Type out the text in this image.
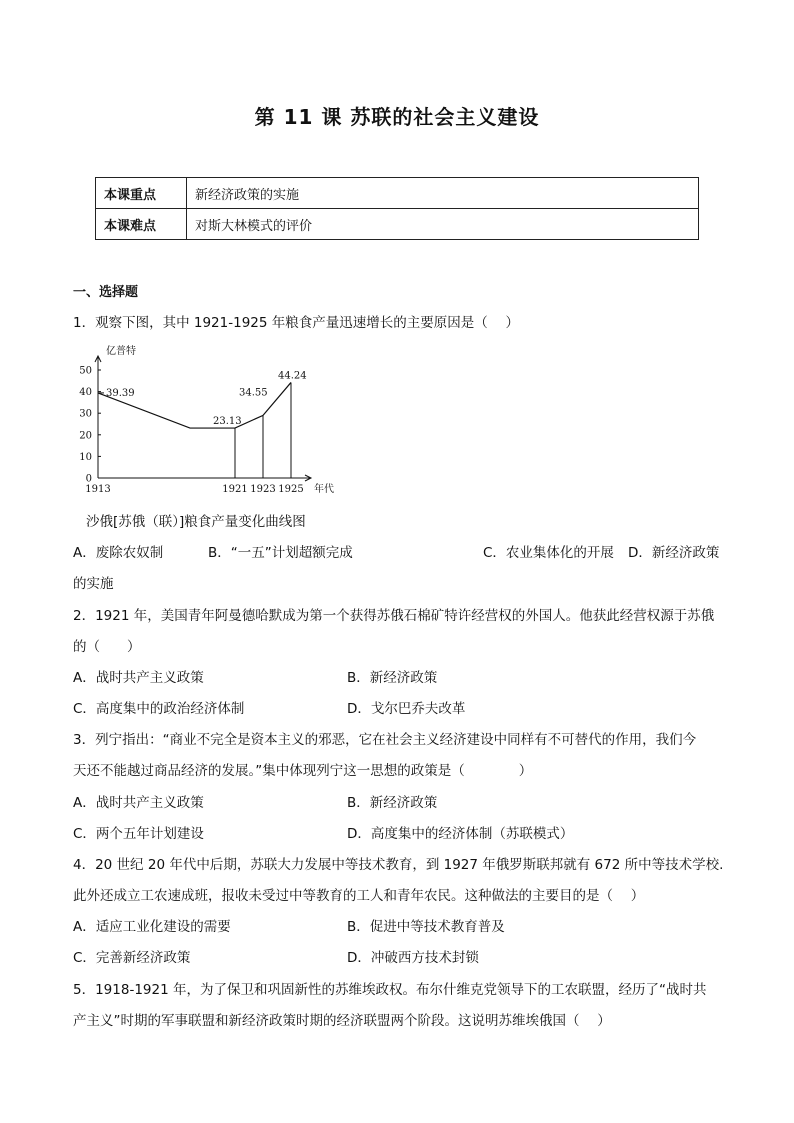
第 11 课 苏联的社会主义建设
本课重点	新经济政策的实施
本课难点	对斯大林模式的评价
一、选择题
1．观察下图，其中 1921-1925 年粮食产量迅速增长的主要原因是（　 ）
0
10
20
30
40
50
亿普特
年代
1913	1921 1923 1925
39.39
23.13
34.55
44.24
沙俄[苏俄（联）]粮食产量变化曲线图
A．废除农奴制	B．“一五”计划超额完成	C．农业集体化的开展 D．新经济政策
的实施
2．1921 年，美国青年阿曼德哈默成为第一个获得苏俄石棉矿特许经营权的外国人。他获此经营权源于苏俄
的（　　）
A．战时共产主义政策	B．新经济政策
C．高度集中的政治经济体制	D．戈尔巴乔夫改革
3．列宁指出：“商业不完全是资本主义的邪恶，它在社会主义经济建设中同样有不可替代的作用，我们今
天还不能越过商品经济的发展。”集中体现列宁这一思想的政策是（　　　　）
A．战时共产主义政策	B．新经济政策
C．两个五年计划建设	D．高度集中的经济体制（苏联模式）
4．20 世纪 20 年代中后期，苏联大力发展中等技术教育，到 1927 年俄罗斯联邦就有 672 所中等技术学校.
此外还成立工农速成班，报收未受过中等教育的工人和青年农民。这种做法的主要目的是（　 ）
A．适应工业化建设的需要	B．促进中等技术教育普及
C．完善新经济政策	D．冲破西方技术封锁
5．1918-1921 年，为了保卫和巩固新性的苏维埃政权。布尔什维克党领导下的工农联盟，经历了“战时共
产主义”时期的军事联盟和新经济政策时期的经济联盟两个阶段。这说明苏维埃俄国（　 ）
